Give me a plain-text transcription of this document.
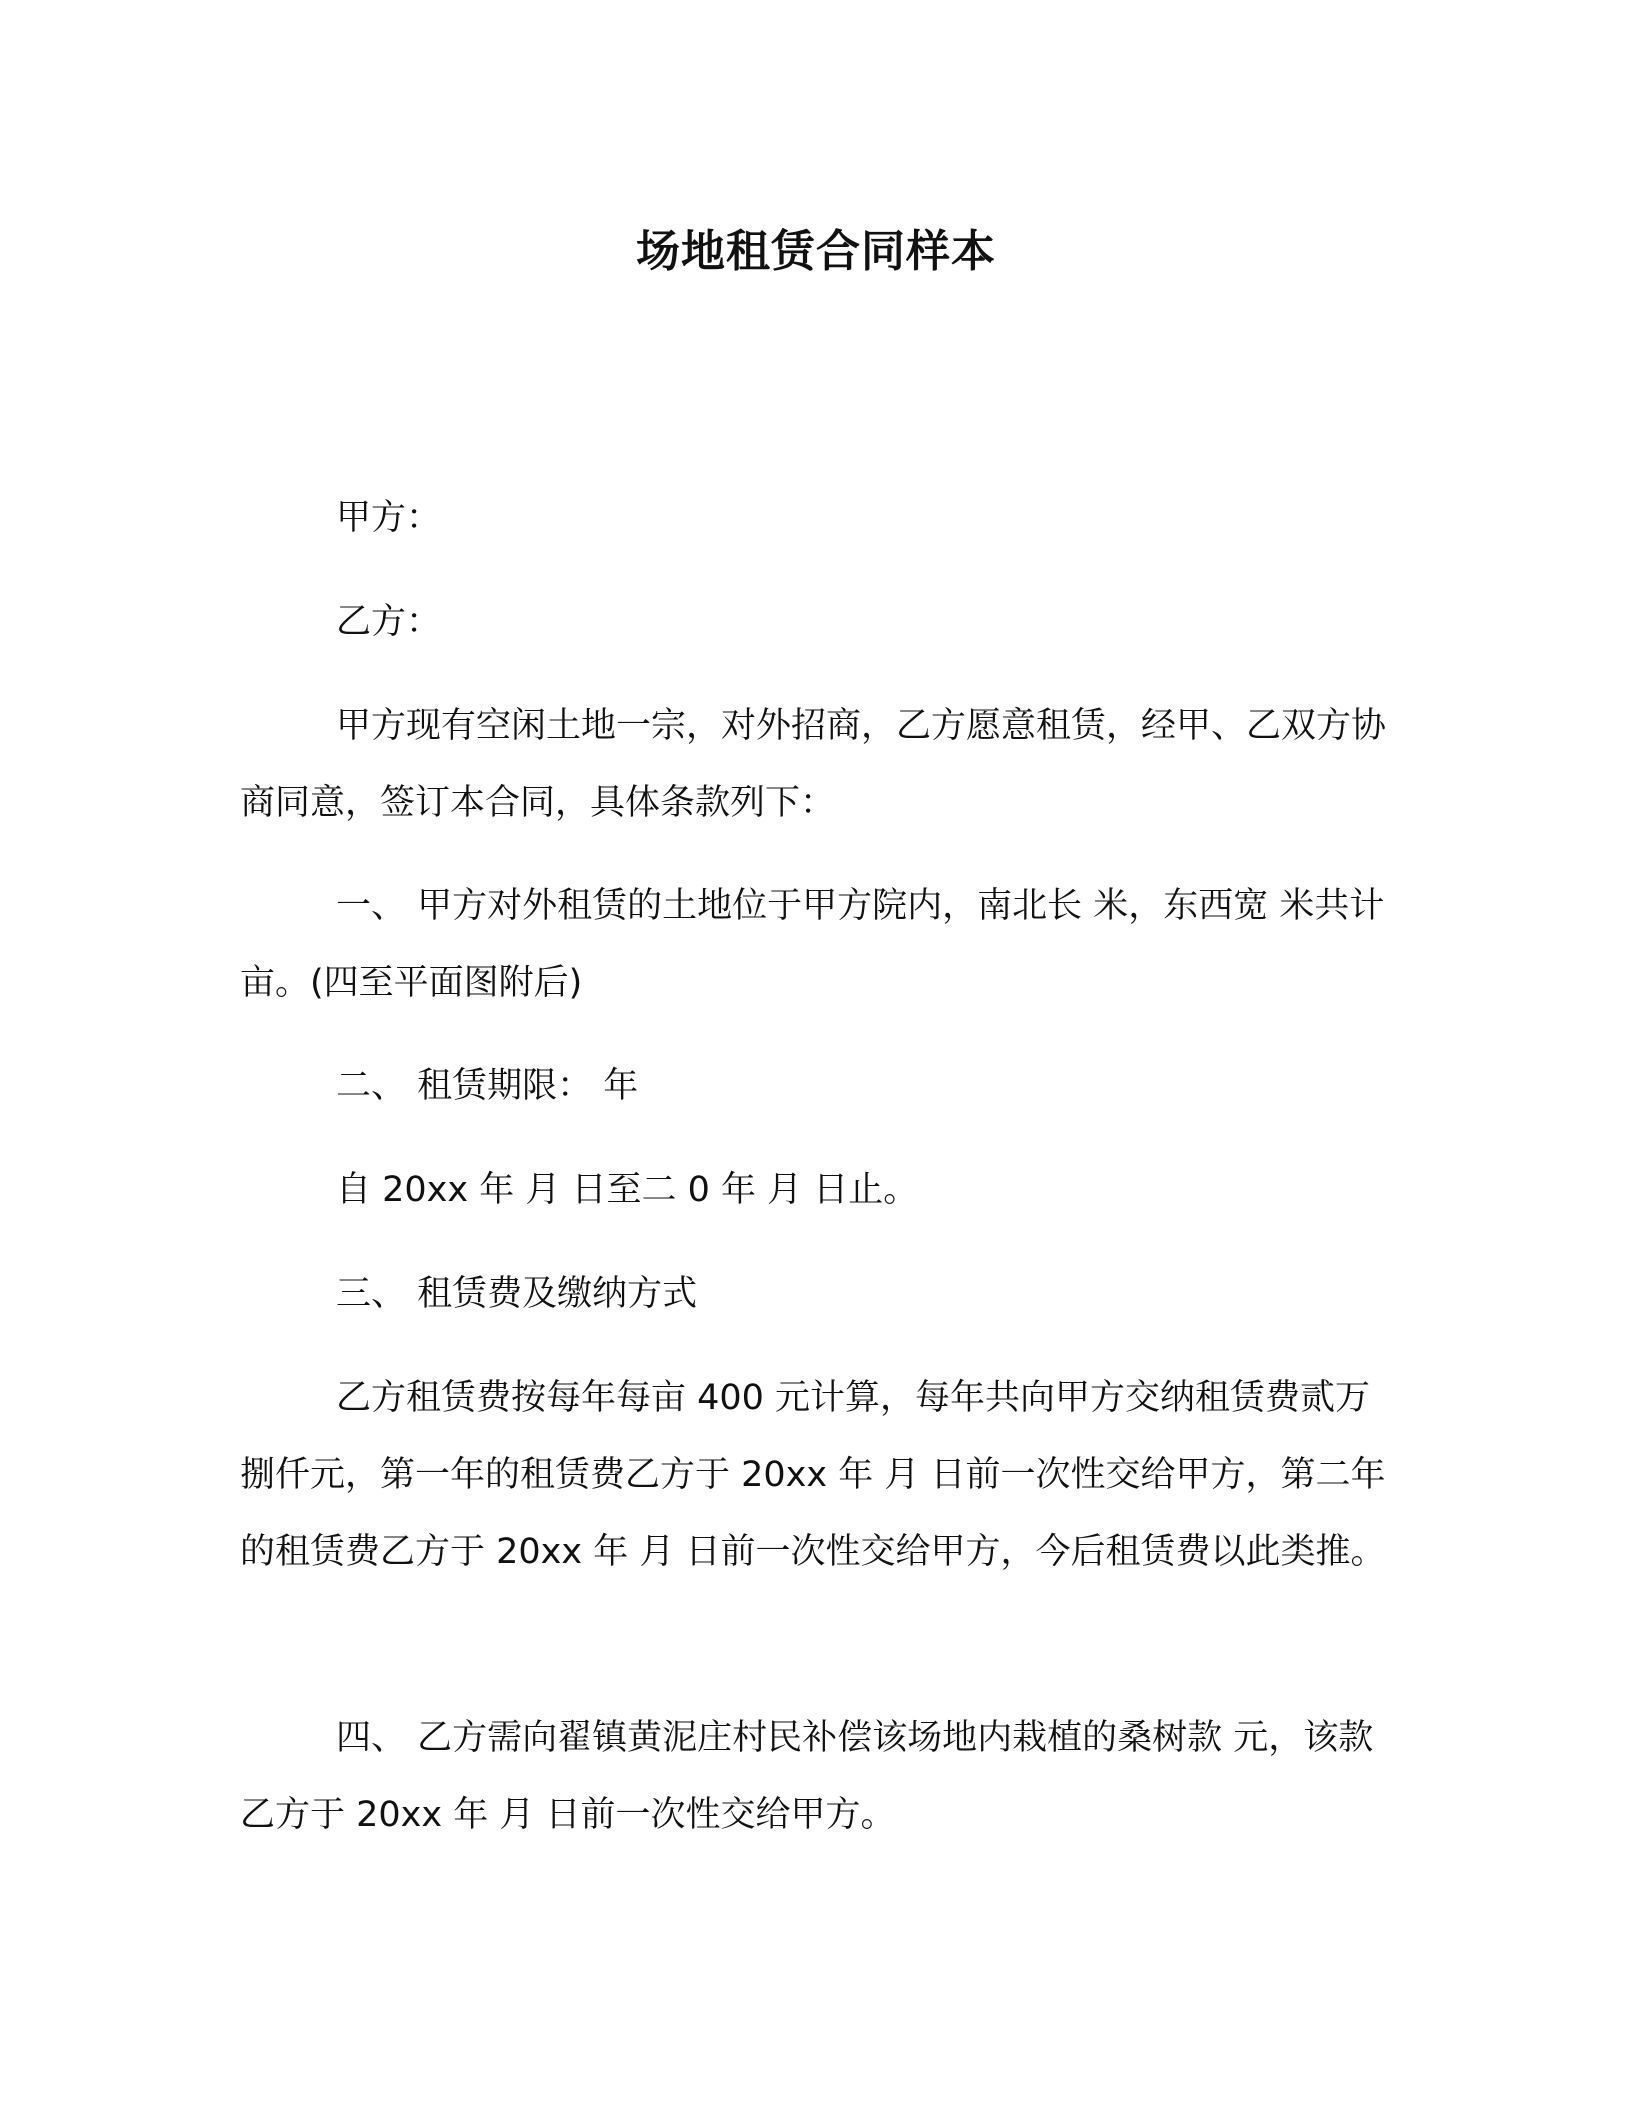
场地租赁合同样本

甲方：

乙方：

甲方现有空闲土地一宗，对外招商，乙方愿意租赁，经甲、乙双方协商同意，签订本合同，具体条款列下：

一、 甲方对外租赁的土地位于甲方院内，南北长 米，东西宽 米共计 亩。(四至平面图附后)

二、 租赁期限： 年

自 20xx 年 月 日至二 0 年 月 日止。

三、 租赁费及缴纳方式

乙方租赁费按每年每亩 400 元计算，每年共向甲方交纳租赁费贰万捌仟元，第一年的租赁费乙方于 20xx 年 月 日前一次性交给甲方，第二年的租赁费乙方于 20xx 年 月 日前一次性交给甲方，今后租赁费以此类推。

四、 乙方需向翟镇黄泥庄村民补偿该场地内栽植的桑树款 元，该款乙方于 20xx 年 月 日前一次性交给甲方。
